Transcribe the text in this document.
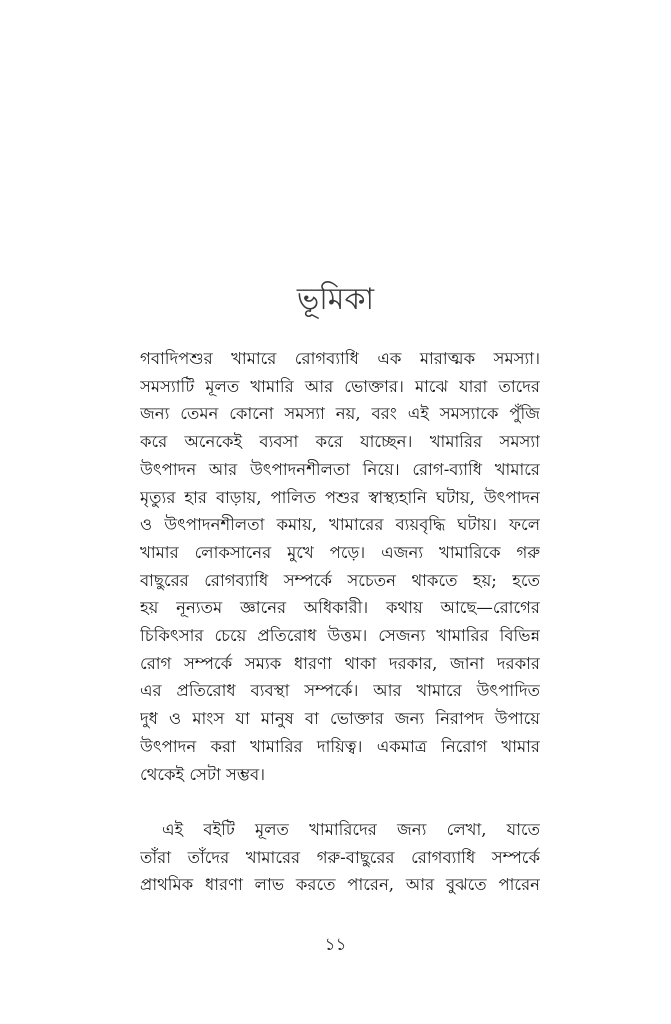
ভূমিকা
গবাদিপশুর খামারে রোগব্যাধি এক মারাত্মক সমস্যা।
সমস্যাটি মূলত খামারি আর ভোক্তার। মাঝে যারা তাদের
জন্য তেমন কোনো সমস্যা নয়, বরং এই সমস্যাকে পুঁজি
করে অনেকেই ব্যবসা করে যাচ্ছেন। খামারির সমস্যা
উৎপাদন আর উৎপাদনশীলতা নিয়ে। রোগ-ব্যাধি খামারে
মৃত্যুর হার বাড়ায়, পালিত পশুর স্বাস্থ্যহানি ঘটায়, উৎপাদন
ও উৎপাদনশীলতা কমায়, খামারের ব্যয়বৃদ্ধি ঘটায়। ফলে
খামার লোকসানের মুখে পড়ে। এজন্য খামারিকে গরু
বাছুরের রোগব্যাধি সম্পর্কে সচেতন থাকতে হয়; হতে
হয় নূন্যতম জ্ঞানের অধিকারী। কথায় আছে—রোগের
চিকিৎসার চেয়ে প্রতিরোধ উত্তম। সেজন্য খামারির বিভিন্ন
রোগ সম্পর্কে সম্যক ধারণা থাকা দরকার, জানা দরকার
এর প্রতিরোধ ব্যবস্থা সম্পর্কে। আর খামারে উৎপাদিত
দুধ ও মাংস যা মানুষ বা ভোক্তার জন্য নিরাপদ উপায়ে
উৎপাদন করা খামারির দায়িত্ব। একমাত্র নিরোগ খামার
থেকেই সেটা সম্ভব।
এই বইটি মূলত খামারিদের জন্য লেখা, যাতে
তাঁরা তাঁদের খামারের গরু-বাছুরের রোগব্যাধি সম্পর্কে
প্রাথমিক ধারণা লাভ করতে পারেন, আর বুঝতে পারেন
১১
